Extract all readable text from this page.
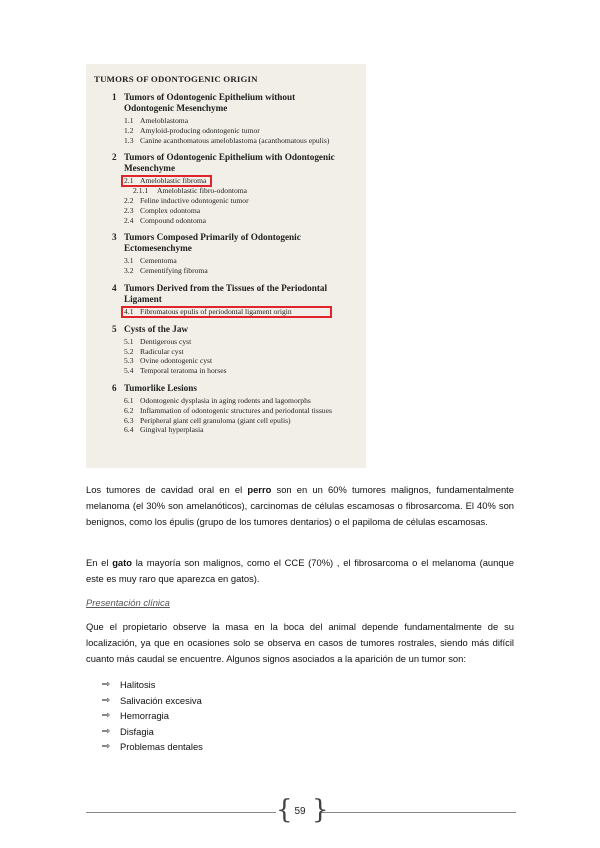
TUMORS OF ODONTOGENIC ORIGIN
1 Tumors of Odontogenic Epithelium without Odontogenic Mesenchyme
1.1 Ameloblastoma
1.2 Amyloid-producing odontogenic tumor
1.3 Canine acanthomatous ameloblastoma (acanthomatous epulis)
2 Tumors of Odontogenic Epithelium with Odontogenic Mesenchyme
2.1 Ameloblastic fibroma
2.1.1	Ameloblastic fibro-odontoma
2.2 Feline inductive odontogenic tumor
2.3 Complex odontoma
2.4 Compound odontoma
3 Tumors Composed Primarily of Odontogenic Ectomesenchyme
3.1 Cementoma
3.2 Cementifying fibroma
4 Tumors Derived from the Tissues of the Periodontal Ligament
4.1 Fibromatous epulis of periodontal ligament origin
5 Cysts of the Jaw
5.1 Dentigerous cyst
5.2 Radicular cyst
5.3 Ovine odontogenic cyst
5.4 Temporal teratoma in horses
6 Tumorlike Lesions
6.1 Odontogenic dysplasia in aging rodents and lagomorphs
6.2 Inflammation of odontogenic structures and periodontal tissues
6.3 Peripheral giant cell granuloma (giant cell epulis)
6.4 Gingival hyperplasia

Los tumores de cavidad oral en el perro son en un 60% tumores malignos, fundamentalmente melanoma (el 30% son amelanóticos), carcinomas de células escamosas o fibrosarcoma. El 40% son benignos, como los épulis (grupo de los tumores dentarios) o el papiloma de células escamosas.

En el gato la mayoría son malignos, como el CCE (70%) , el fibrosarcoma o el melanoma (aunque este es muy raro que aparezca en gatos).

Presentación clínica

Que el propietario observe la masa en la boca del animal depende fundamentalmente de su localización, ya que en ocasiones solo se observa en casos de tumores rostrales, siendo más difícil cuanto más caudal se encuentre. Algunos signos asociados a la aparición de un tumor son:

⇨	Halitosis
⇨	Salivación excesiva
⇨	Hemorragia
⇨	Disfagia
⇨	Problemas dentales
{ }
59
